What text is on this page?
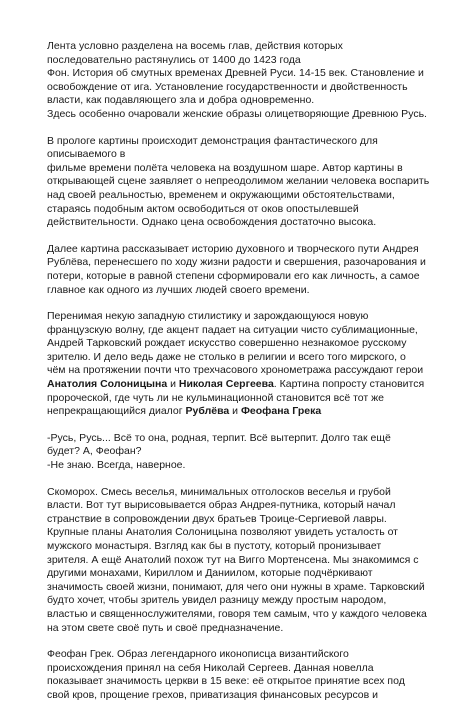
Лента условно разделена на восемь глав, действия которых
последовательно растянулись от 1400 до 1423 года
Фон. История об смутных временах Древней Руси. 14-15 век. Становление и
освобождение от ига. Установление государственности и двойственность
власти, как подавляющего зла и добра одновременно.
Здесь особенно очаровали женские образы олицетворяющие Древнюю Русь.
В прологе картины происходит демонстрация фантастического для описываемого в
фильме времени полёта человека на воздушном шаре. Автор картины в
открывающей сцене заявляет о непреодолимом желании человека воспарить
над своей реальностью, временем и окружающими обстоятельствами,
стараясь подобным актом освободиться от оков опостылевшей
действительности. Однако цена освобождения достаточно высока.
Далее картина рассказывает историю духовного и творческого пути Андрея
Рублёва, перенесшего по ходу жизни радости и свершения, разочарования и
потери, которые в равной степени сформировали его как личность, а самое
главное как одного из лучших людей своего времени.
Перенимая некую западную стилистику и зарождающуюся новую
французскую волну, где акцент падает на ситуации чисто сублимационные,
Андрей Тарковский рождает искусство совершенно незнакомое русскому
зрителю. И дело ведь даже не столько в религии и всего того мирского, о
чём на протяжении почти что трехчасового хронометража рассуждают герои
Анатолия Солоницына и Николая Сергеева. Картина попросту становится
пророческой, где чуть ли не кульминационной становится всё тот же
непрекращающийся диалог Рублёва и Феофана Грека
-Русь, Русь... Всё то она, родная, терпит. Всё вытерпит. Долго так ещё
будет? А, Феофан?
-Не знаю. Всегда, наверное.
Скоморох. Смесь веселья, минимальных отголосков веселья и грубой
власти. Вот тут вырисовывается образ Андрея-путника, который начал
странствие в сопровождении двух братьев Троице-Сергиевой лавры.
Крупные планы Анатолия Солоницына позволяют увидеть усталость от
мужского монастыря. Взгляд как бы в пустоту, который пронизывает
зрителя. А ещё Анатолий похож тут на Вигго Мортенсена. Мы знакомимся с
другими монахами, Кириллом и Даниилом, которые подчёркивают
значимость своей жизни, понимают, для чего они нужны в храме. Тарковский
будто хочет, чтобы зритель увидел разницу между простым народом,
властью и священнослужителями, говоря тем самым, что у каждого человека
на этом свете своё путь и своё предназначение.
Феофан Грек. Образ легендарного иконописца византийского
происхождения принял на себя Николай Сергеев. Данная новелла
показывает значимость церкви в 15 веке: её открытое принятие всех под
свой кров, прощение грехов, приватизация финансовых ресурсов и
